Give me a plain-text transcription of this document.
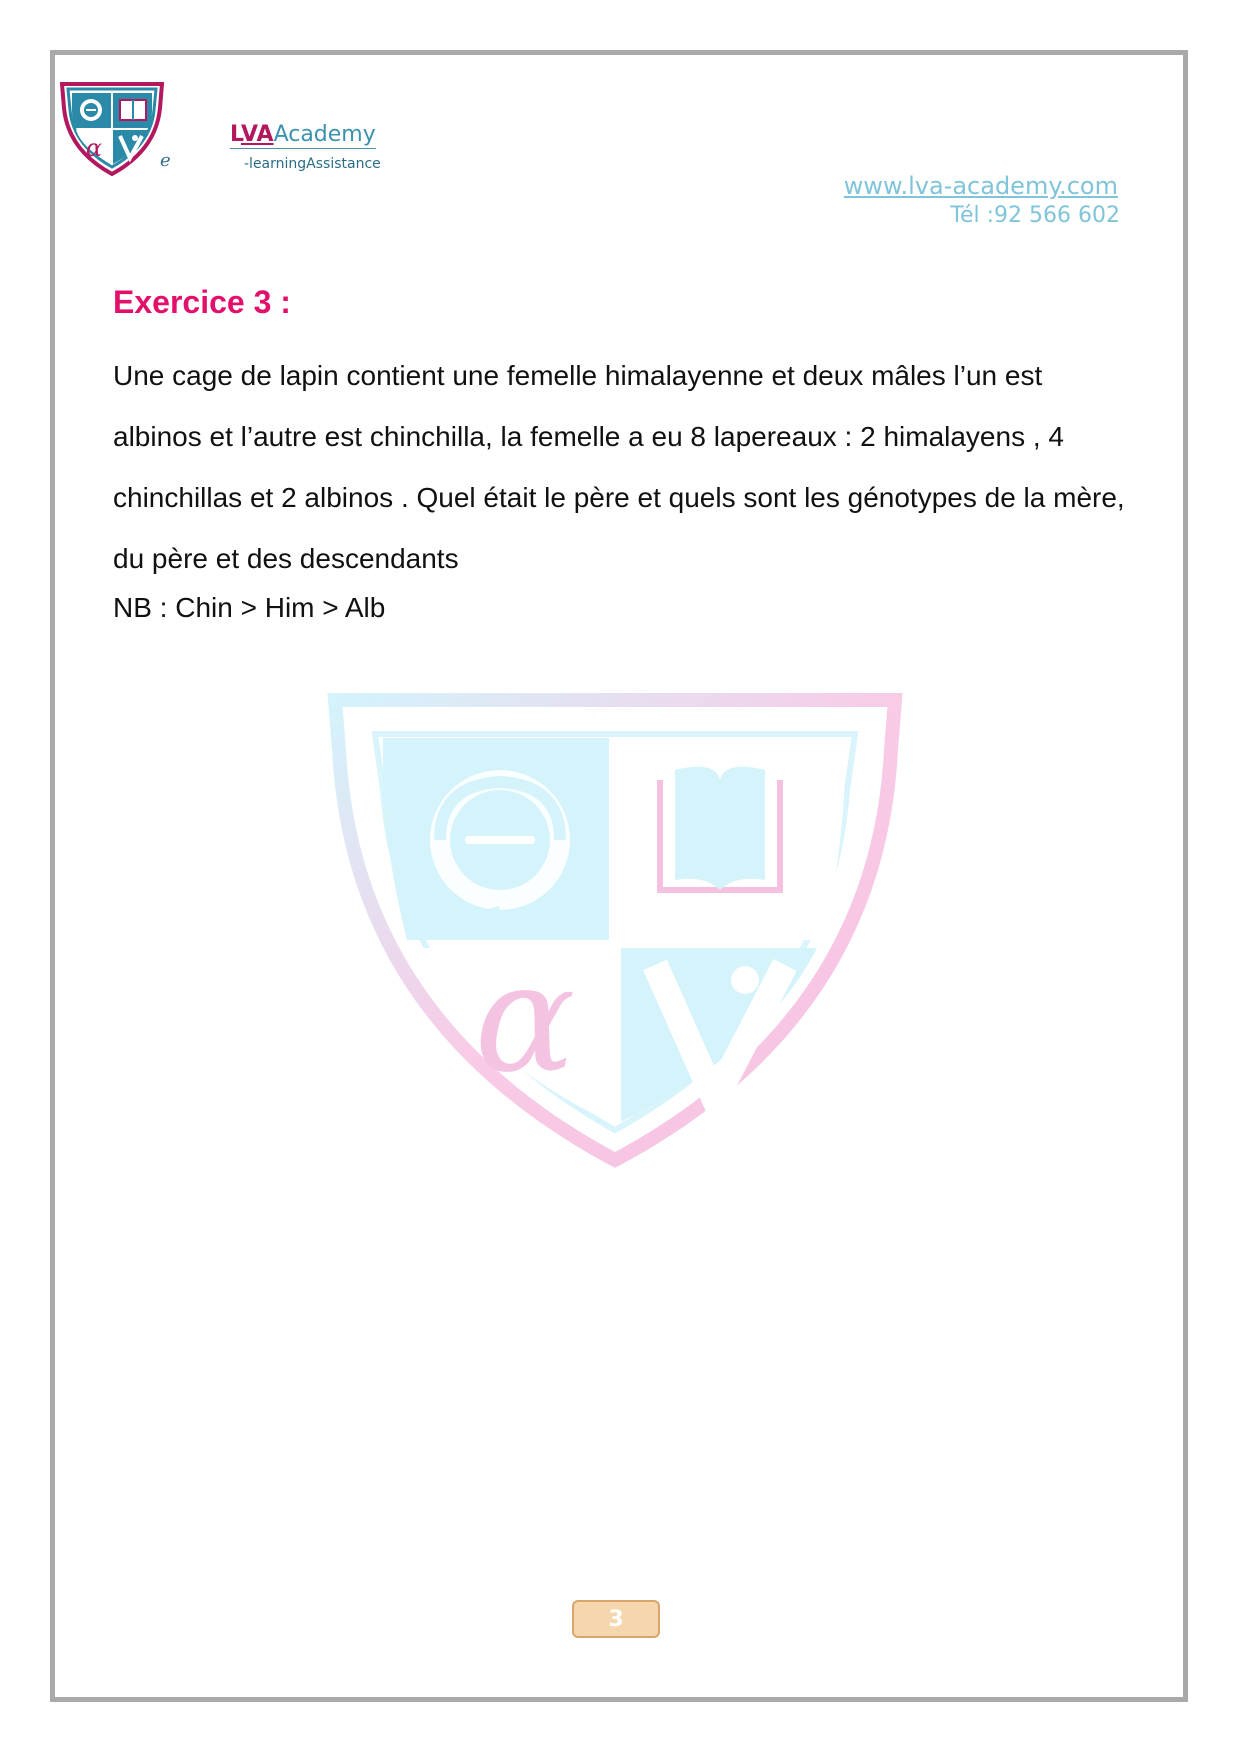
α	e
LVAAcademy
-learningAssistance
www.lva-academy.com
Tél :92 566 602
Exercice 3 :

Une cage de lapin contient une femelle himalayenne et deux mâles l’un est albinos et l’autre est chinchilla, la femelle a eu 8 lapereaux : 2 himalayens , 4 chinchillas et 2 albinos . Quel était le père et quels sont les génotypes de la mère, du père et des descendants

NB : Chin > Him > Alb
α
3
